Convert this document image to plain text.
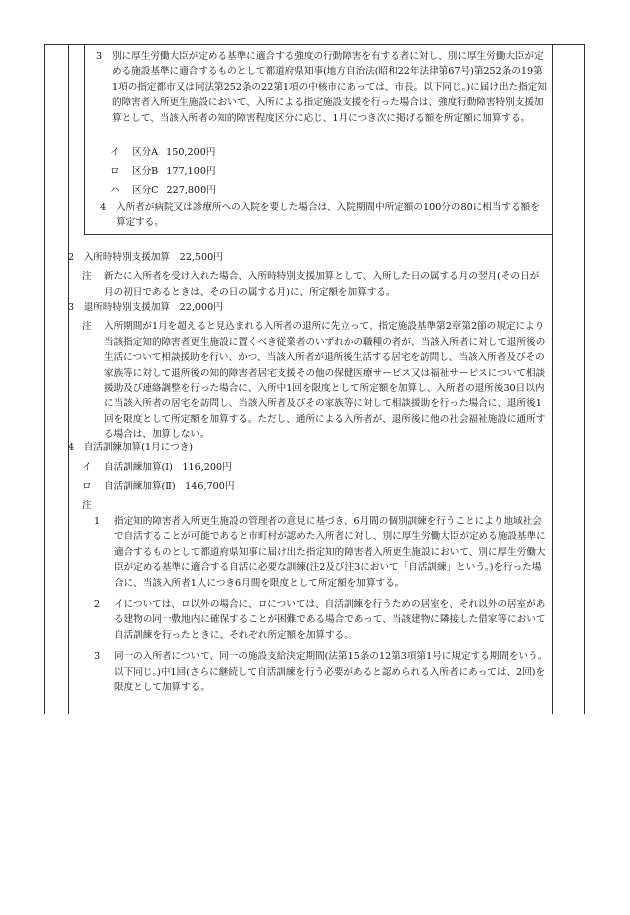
3	別に厚生労働大臣が定める基準に適合する強度の行動障害を有する者に対し、別に厚生労働大臣が定める施設基準に適合するものとして都道府県知事(地方自治法(昭和22年法律第67号)第252条の19第1項の指定都市又は同法第252条の22第1項の中核市にあっては、市長。以下同じ。)に届け出た指定知的障害者入所更生施設において、入所による指定施設支援を行った場合は、強度行動障害特別支援加算として、当該入所者の知的障害程度区分に応じ、1月につき次に掲げる額を所定額に加算する。

イ 区分A 150,200円
ロ 区分B 177,100円
ハ 区分C 227,800円
4	入所者が病院又は診療所への入院を要した場合は、入院期間中所定額の100分の80に相当する額を算定する。

2　入所時特別支援加算　22,500円

注	新たに入所者を受け入れた場合、入所時特別支援加算として、入所した日の属する月の翌月(その日が月の初日であるときは、その日の属する月)に、所定額を加算する。

3　退所時特別支援加算　22,000円

注	入所期間が1月を超えると見込まれる入所者の退所に先立って、指定施設基準第2章第2節の規定により当該指定知的障害者更生施設に置くべき従業者のいずれかの職種の者が、当該入所者に対して退所後の生活について相談援助を行い、かつ、当該入所者が退所後生活する居宅を訪問し、当該入所者及びその家族等に対して退所後の知的障害者居宅支援その他の保健医療サービス又は福祉サービスについて相談援助及び連絡調整を行った場合に、入所中1回を限度として所定額を加算し、入所者の退所後30日以内に当該入所者の居宅を訪問し、当該入所者及びその家族等に対して相談援助を行った場合に、退所後1回を限度として所定額を加算する。ただし、通所による入所者が、退所後に他の社会福祉施設に通所する場合は、加算しない。

4　自活訓練加算(1月につき)

イ 自活訓練加算(Ⅰ)　116,200円
ロ 自活訓練加算(Ⅱ)　146,700円
注
1	指定知的障害者入所更生施設の管理者の意見に基づき、6月間の個別訓練を行うことにより地域社会で自活することが可能であると市町村が認めた入所者に対し、別に厚生労働大臣が定める施設基準に適合するものとして都道府県知事に届け出た指定知的障害者入所更生施設において、別に厚生労働大臣が定める基準に適合する自活に必要な訓練(注2及び注3において「自活訓練」という。)を行った場合に、当該入所者1人につき6月間を限度として所定額を加算する。

2	イについては、ロ以外の場合に、ロについては、自活訓練を行うための居室を、それ以外の居室がある建物の同一敷地内に確保することが困難である場合であって、当該建物に隣接した借家等において自活訓練を行ったときに、それぞれ所定額を加算する。

3	同一の入所者について、同一の施設支給決定期間(法第15条の12第3項第1号に規定する期間をいう。以下同じ。)中1回(さらに継続して自活訓練を行う必要があると認められる入所者にあっては、2回)を限度として加算する。
